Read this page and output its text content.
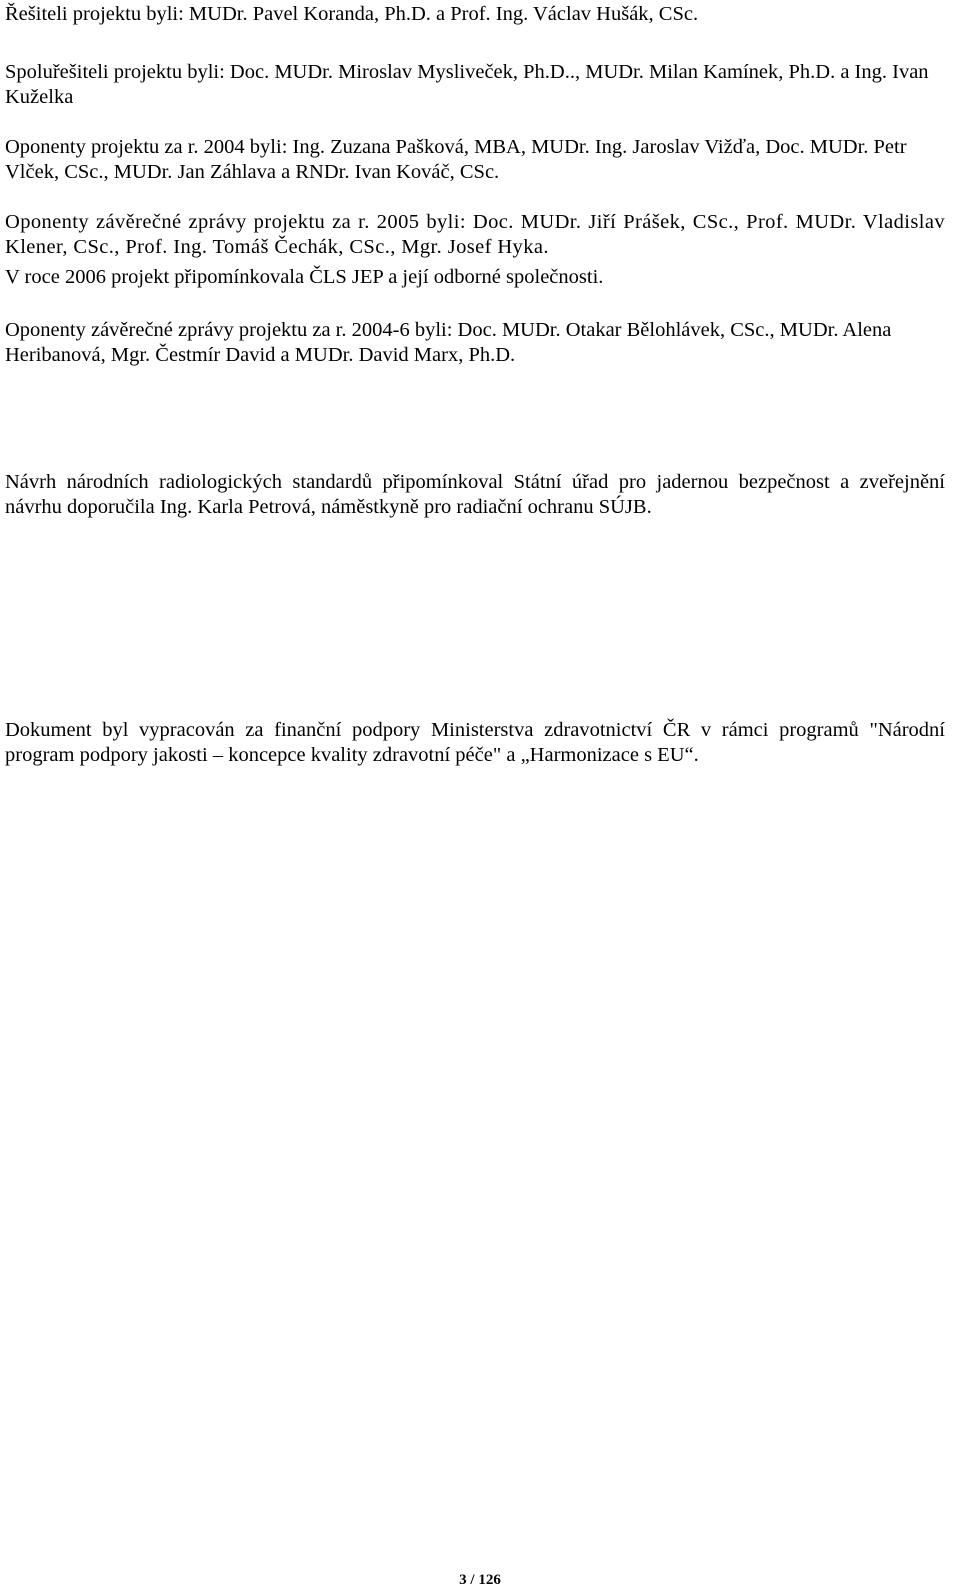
Řešiteli projektu byli: MUDr. Pavel Koranda, Ph.D. a Prof. Ing. Václav Hušák, CSc.

Spoluřešiteli projektu byli: Doc. MUDr. Miroslav Mysliveček, Ph.D.., MUDr. Milan Kamínek, Ph.D. a Ing. Ivan Kuželka

Oponenty projektu za r. 2004 byli: Ing. Zuzana Pašková, MBA, MUDr. Ing. Jaroslav Vižďa, Doc. MUDr. Petr Vlček, CSc., MUDr. Jan Záhlava a RNDr. Ivan Kováč, CSc.

Oponenty závěrečné zprávy projektu za r. 2005 byli: Doc. MUDr. Jiří Prášek, CSc., Prof. MUDr. Vladislav Klener, CSc., Prof. Ing. Tomáš Čechák, CSc., Mgr. Josef Hyka.

V roce 2006 projekt připomínkovala ČLS JEP a její odborné společnosti.

Oponenty závěrečné zprávy projektu za r. 2004-6 byli: Doc. MUDr. Otakar Bělohlávek, CSc., MUDr. Alena Heribanová, Mgr. Čestmír David a MUDr. David Marx, Ph.D.

Návrh národních radiologických standardů připomínkoval Státní úřad pro jadernou bezpečnost a zveřejnění návrhu doporučila Ing. Karla Petrová, náměstkyně pro radiační ochranu SÚJB.

Dokument byl vypracován za finanční podpory Ministerstva zdravotnictví ČR v rámci programů "Národní program podpory jakosti – koncepce kvality zdravotní péče" a „Harmonizace s EU“.

3 / 126
